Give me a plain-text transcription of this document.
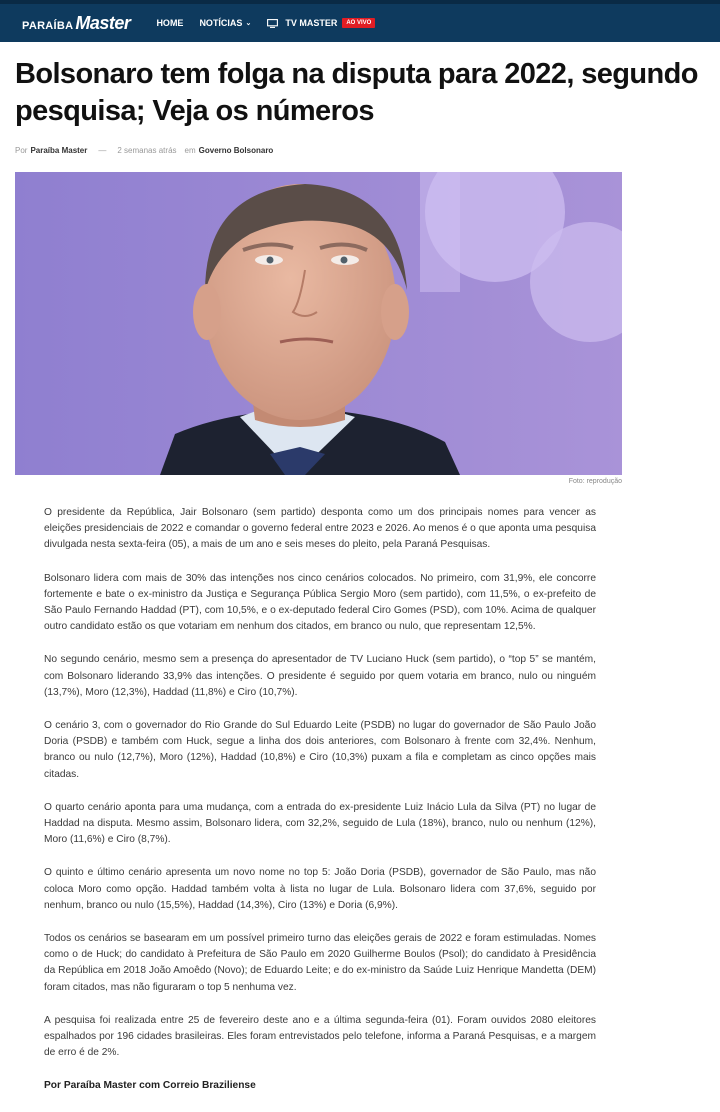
PARAÍBA Master	HOME NOTÍCIAS ⌄	TV MASTER	AO VIVO
Bolsonaro tem folga na disputa para 2022, segundo pesquisa; Veja os números
Por Paraíba Master — 2 semanas atrás em Governo Bolsonaro
Foto: reprodução

O presidente da República, Jair Bolsonaro (sem partido) desponta como um dos principais nomes para vencer as eleições presidenciais de 2022 e comandar o governo federal entre 2023 e 2026. Ao menos é o que aponta uma pesquisa divulgada nesta sexta-feira (05), a mais de um ano e seis meses do pleito, pela Paraná Pesquisas.

Bolsonaro lidera com mais de 30% das intenções nos cinco cenários colocados. No primeiro, com 31,9%, ele concorre fortemente e bate o ex-ministro da Justiça e Segurança Pública Sergio Moro (sem partido), com 11,5%, o ex-prefeito de São Paulo Fernando Haddad (PT), com 10,5%, e o ex-deputado federal Ciro Gomes (PSD), com 10%. Acima de qualquer outro candidato estão os que votariam em nenhum dos citados, em branco ou nulo, que representam 12,5%.

No segundo cenário, mesmo sem a presença do apresentador de TV Luciano Huck (sem partido), o “top 5” se mantém, com Bolsonaro liderando 33,9% das intenções. O presidente é seguido por quem votaria em branco, nulo ou ninguém (13,7%), Moro (12,3%), Haddad (11,8%) e Ciro (10,7%).

O cenário 3, com o governador do Rio Grande do Sul Eduardo Leite (PSDB) no lugar do governador de São Paulo João Doria (PSDB) e também com Huck, segue a linha dos dois anteriores, com Bolsonaro à frente com 32,4%. Nenhum, branco ou nulo (12,7%), Moro (12%), Haddad (10,8%) e Ciro (10,3%) puxam a fila e completam as cinco opções mais citadas.

O quarto cenário aponta para uma mudança, com a entrada do ex-presidente Luiz Inácio Lula da Silva (PT) no lugar de Haddad na disputa. Mesmo assim, Bolsonaro lidera, com 32,2%, seguido de Lula (18%), branco, nulo ou nenhum (12%), Moro (11,6%) e Ciro (8,7%).

O quinto e último cenário apresenta um novo nome no top 5: João Doria (PSDB), governador de São Paulo, mas não coloca Moro como opção. Haddad também volta à lista no lugar de Lula. Bolsonaro lidera com 37,6%, seguido por nenhum, branco ou nulo (15,5%), Haddad (14,3%), Ciro (13%) e Doria (6,9%).

Todos os cenários se basearam em um possível primeiro turno das eleições gerais de 2022 e foram estimuladas. Nomes como o de Huck; do candidato à Prefeitura de São Paulo em 2020 Guilherme Boulos (Psol); do candidato à Presidência da República em 2018 João Amoêdo (Novo); de Eduardo Leite; e do ex-ministro da Saúde Luiz Henrique Mandetta (DEM) foram citados, mas não figuraram o top 5 nenhuma vez.

A pesquisa foi realizada entre 25 de fevereiro deste ano e a última segunda-feira (01). Foram ouvidos 2080 eleitores espalhados por 196 cidades brasileiras. Eles foram entrevistados pelo telefone, informa a Paraná Pesquisas, e a margem de erro é de 2%.

Por Paraíba Master com Correio Braziliense
